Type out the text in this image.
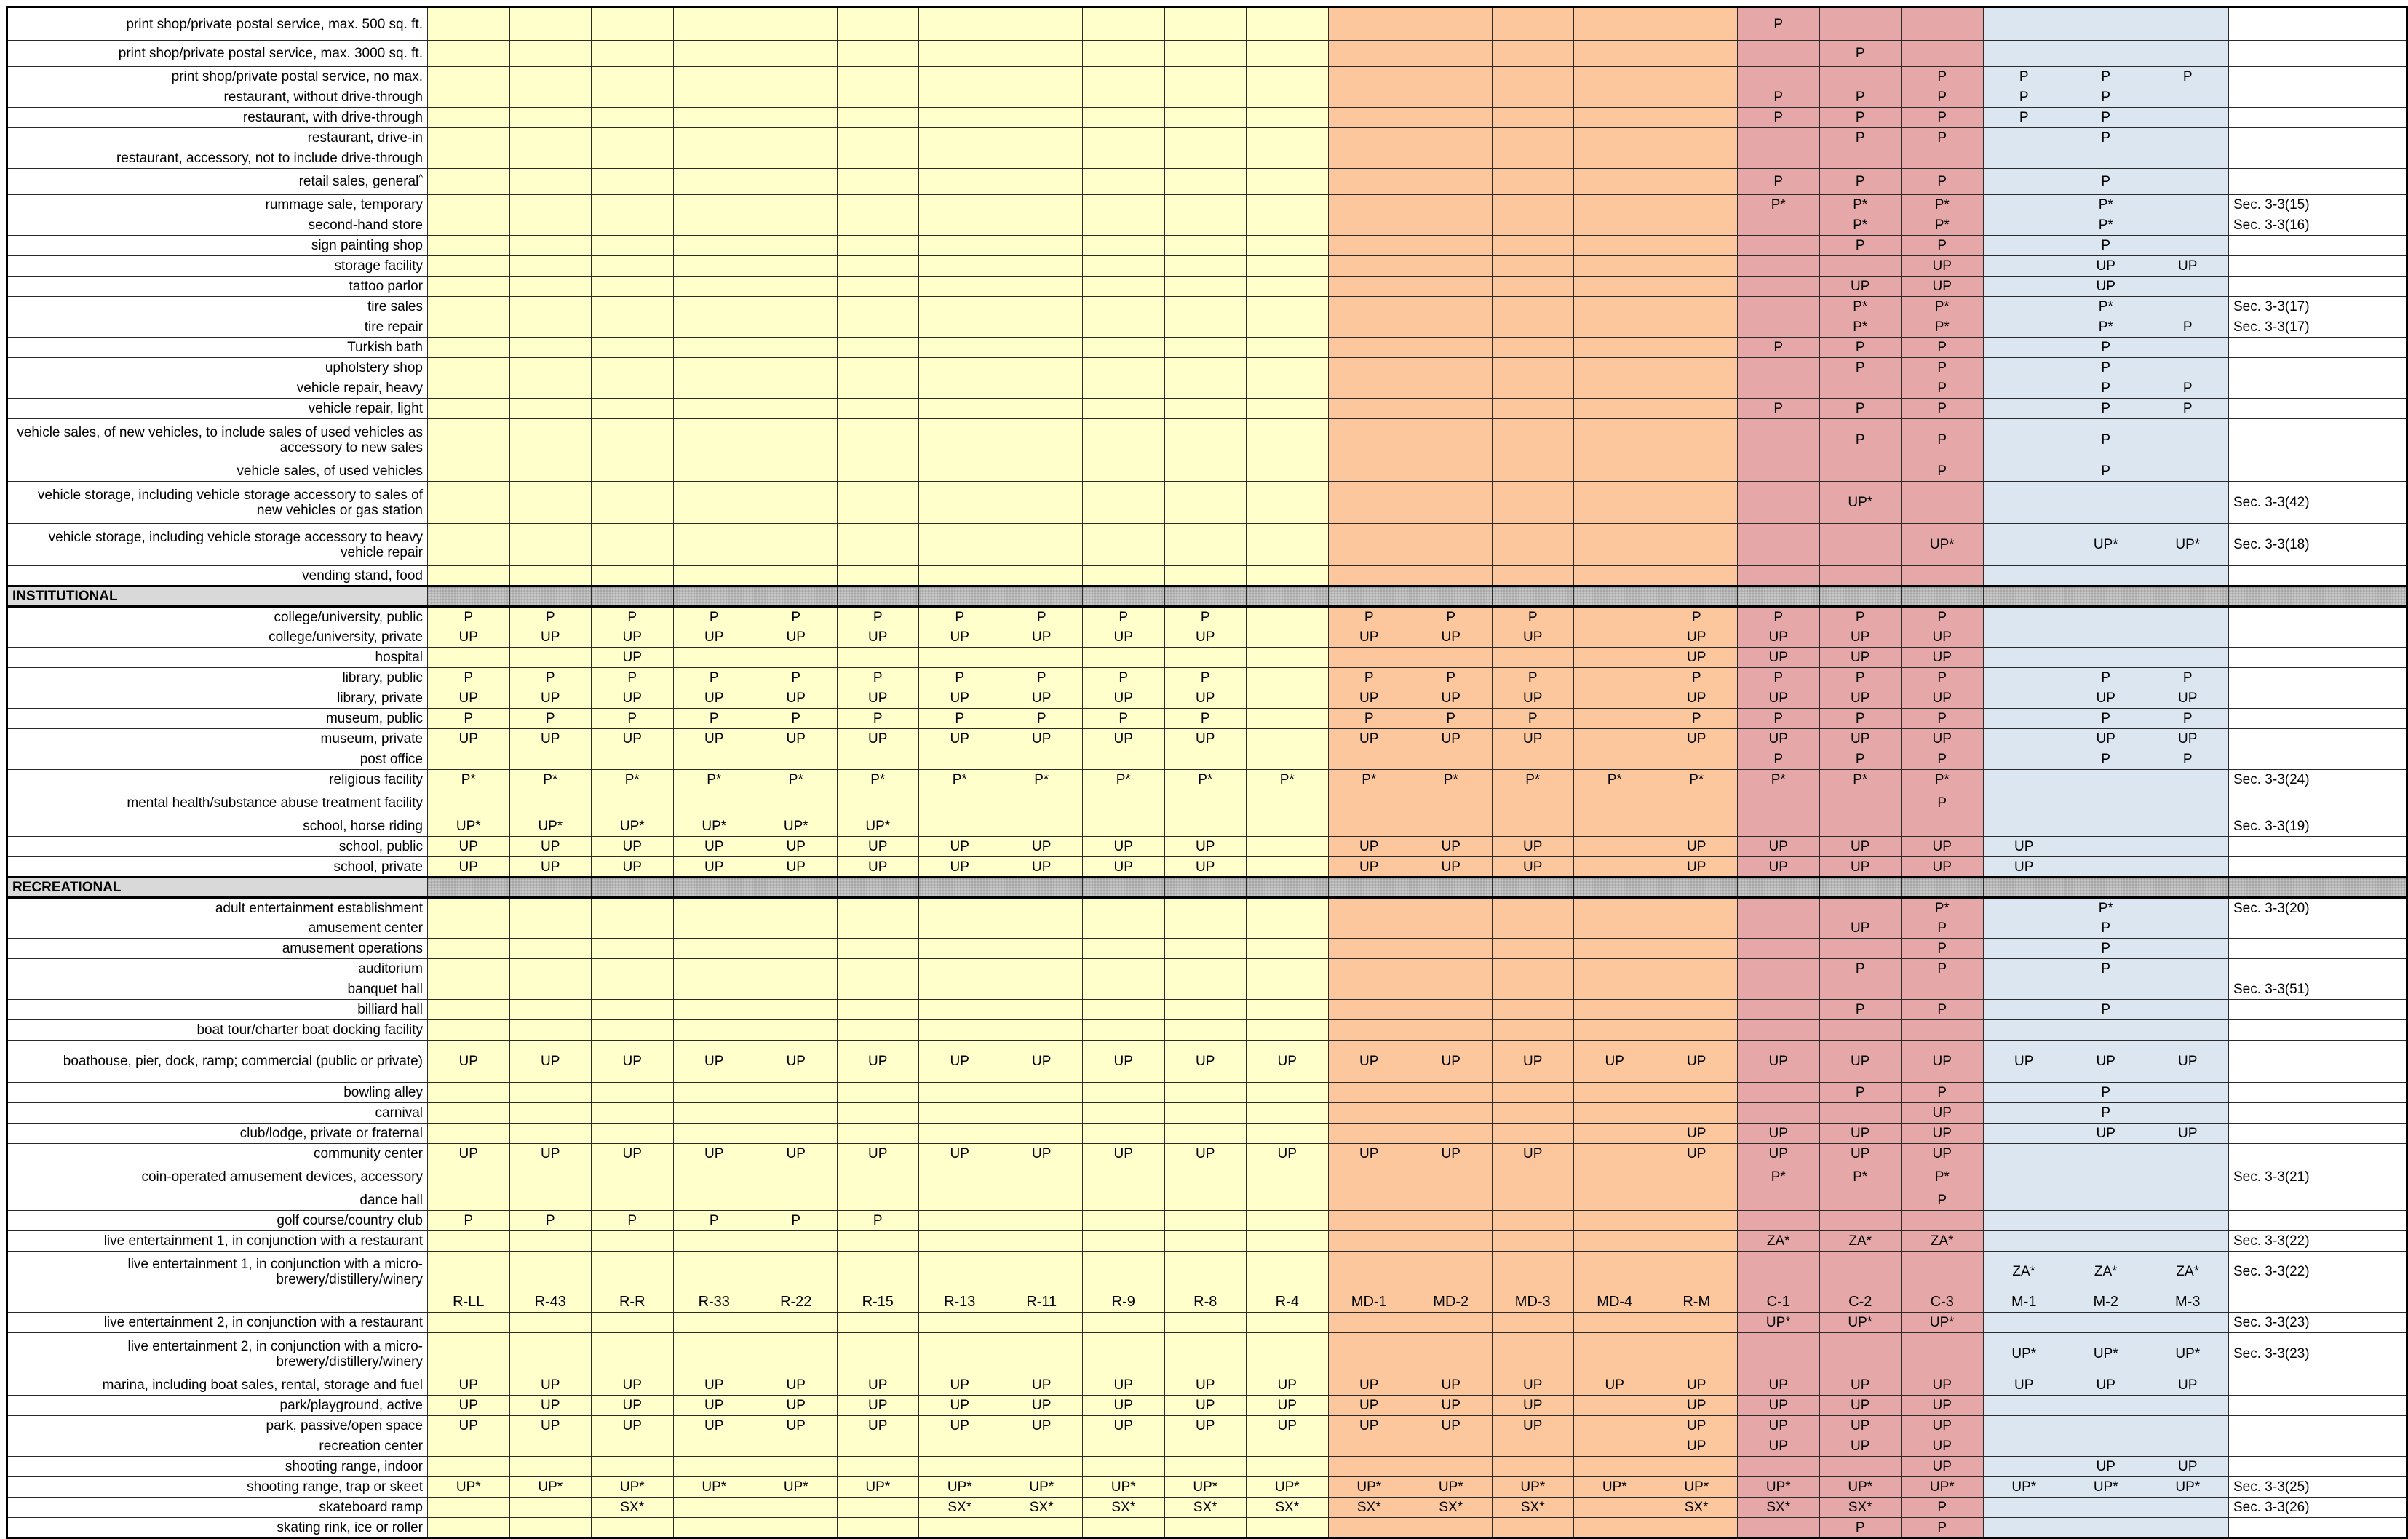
print shop/private postal service, max. 500 sq. ft.																	P						
print shop/private postal service, max. 3000 sq. ft.																		P					
print shop/private postal service, no max.																			P	P	P	P	
restaurant, without drive-through																	P	P	P	P	P		
restaurant, with drive-through																	P	P	P	P	P		
restaurant, drive-in																		P	P		P		
restaurant, accessory, not to include drive-through																							
retail sales, general^																	P	P	P		P		
rummage sale, temporary																	P*	P*	P*		P*		Sec. 3-3(15)
second-hand store																		P*	P*		P*		Sec. 3-3(16)
sign painting shop																		P	P		P		
storage facility																			UP		UP	UP	
tattoo parlor																		UP	UP		UP		
tire sales																		P*	P*		P*		Sec. 3-3(17)
tire repair																		P*	P*		P*	P	Sec. 3-3(17)
Turkish bath																	P	P	P		P		
upholstery shop																		P	P		P		
vehicle repair, heavy																			P		P	P	
vehicle repair, light																	P	P	P		P	P	
vehicle sales, of new vehicles, to include sales of used vehicles as accessory to new sales																		P	P		P		
vehicle sales, of used vehicles																			P		P		
vehicle storage, including vehicle storage accessory to sales of new vehicles or gas station																		UP*					Sec. 3-3(42)
vehicle storage, including vehicle storage accessory to heavy vehicle repair																			UP*		UP*	UP*	Sec. 3-3(18)
vending stand, food																							
INSTITUTIONAL																							
college/university, public	P	P	P	P	P	P	P	P	P	P		P	P	P		P	P	P	P				
college/university, private	UP	UP	UP	UP	UP	UP	UP	UP	UP	UP		UP	UP	UP		UP	UP	UP	UP				
hospital			UP													UP	UP	UP	UP				
library, public	P	P	P	P	P	P	P	P	P	P		P	P	P		P	P	P	P		P	P	
library, private	UP	UP	UP	UP	UP	UP	UP	UP	UP	UP		UP	UP	UP		UP	UP	UP	UP		UP	UP	
museum, public	P	P	P	P	P	P	P	P	P	P		P	P	P		P	P	P	P		P	P	
museum, private	UP	UP	UP	UP	UP	UP	UP	UP	UP	UP		UP	UP	UP		UP	UP	UP	UP		UP	UP	
post office																	P	P	P		P	P	
religious facility	P*	P*	P*	P*	P*	P*	P*	P*	P*	P*	P*	P*	P*	P*	P*	P*	P*	P*	P*				Sec. 3-3(24)
mental health/substance abuse treatment facility																			P				
school, horse riding	UP*	UP*	UP*	UP*	UP*	UP*																	Sec. 3-3(19)
school, public	UP	UP	UP	UP	UP	UP	UP	UP	UP	UP		UP	UP	UP		UP	UP	UP	UP	UP			
school, private	UP	UP	UP	UP	UP	UP	UP	UP	UP	UP		UP	UP	UP		UP	UP	UP	UP	UP			
RECREATIONAL																							
adult entertainment establishment																			P*		P*		Sec. 3-3(20)
amusement center																		UP	P		P		
amusement operations																			P		P		
auditorium																		P	P		P		
banquet hall																							Sec. 3-3(51)
billiard hall																		P	P		P		
boat tour/charter boat docking facility																							
boathouse, pier, dock, ramp; commercial (public or private)	UP	UP	UP	UP	UP	UP	UP	UP	UP	UP	UP	UP	UP	UP	UP	UP	UP	UP	UP	UP	UP	UP	
bowling alley																		P	P		P		
carnival																			UP		P		
club/lodge, private or fraternal																UP	UP	UP	UP		UP	UP	
community center	UP	UP	UP	UP	UP	UP	UP	UP	UP	UP	UP	UP	UP	UP		UP	UP	UP	UP				
coin-operated amusement devices, accessory																	P*	P*	P*				Sec. 3-3(21)
dance hall																			P				
golf course/country club	P	P	P	P	P	P																	
live entertainment 1, in conjunction with a restaurant																	ZA*	ZA*	ZA*				Sec. 3-3(22)
live entertainment 1, in conjunction with a micro-brewery/distillery/winery																				ZA*	ZA*	ZA*	Sec. 3-3(22)
	R-LL	R-43	R-R	R-33	R-22	R-15	R-13	R-11	R-9	R-8	R-4	MD-1	MD-2	MD-3	MD-4	R-M	C-1	C-2	C-3	M-1	M-2	M-3	
live entertainment 2, in conjunction with a restaurant																	UP*	UP*	UP*				Sec. 3-3(23)
live entertainment 2, in conjunction with a micro-brewery/distillery/winery																				UP*	UP*	UP*	Sec. 3-3(23)
marina, including boat sales, rental, storage and fuel	UP	UP	UP	UP	UP	UP	UP	UP	UP	UP	UP	UP	UP	UP	UP	UP	UP	UP	UP	UP	UP	UP	
park/playground, active	UP	UP	UP	UP	UP	UP	UP	UP	UP	UP	UP	UP	UP	UP		UP	UP	UP	UP				
park, passive/open space	UP	UP	UP	UP	UP	UP	UP	UP	UP	UP	UP	UP	UP	UP		UP	UP	UP	UP				
recreation center																UP	UP	UP	UP				
shooting range, indoor																			UP		UP	UP	
shooting range, trap or skeet	UP*	UP*	UP*	UP*	UP*	UP*	UP*	UP*	UP*	UP*	UP*	UP*	UP*	UP*	UP*	UP*	UP*	UP*	UP*	UP*	UP*	UP*	Sec. 3-3(25)
skateboard ramp			SX*				SX*	SX*	SX*	SX*	SX*	SX*	SX*	SX*		SX*	SX*	SX*	P				Sec. 3-3(26)
skating rink, ice or roller																		P	P				
